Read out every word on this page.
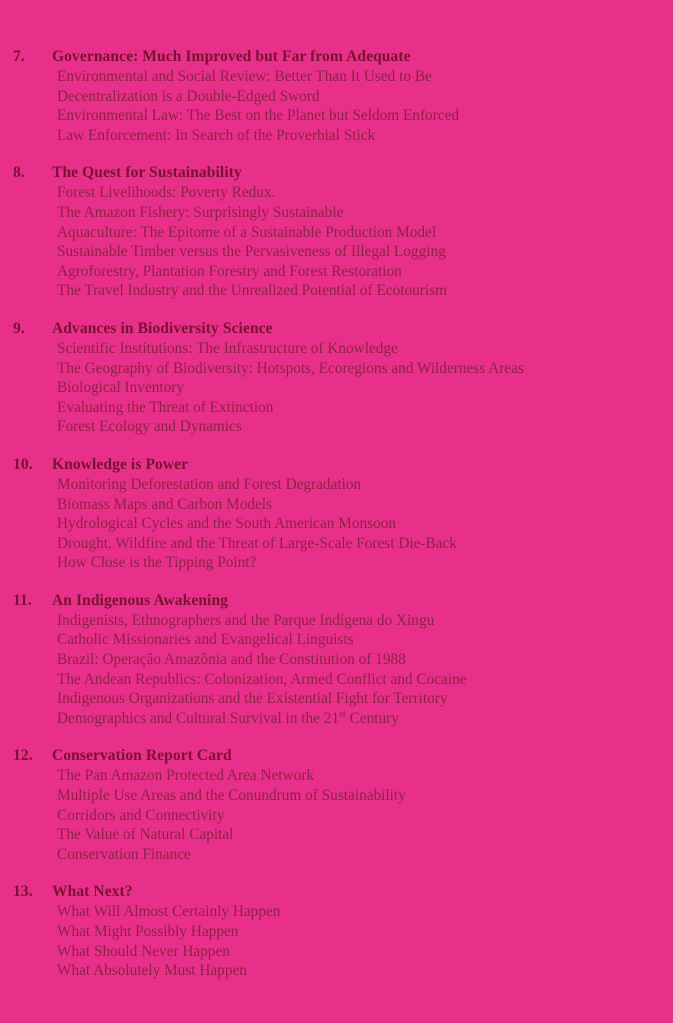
7.	Governance: Much Improved but Far from Adequate
Environmental and Social Review: Better Than It Used to Be
Decentralization is a Double-Edged Sword
Environmental Law: The Best on the Planet but Seldom Enforced
Law Enforcement: In Search of the Proverbial Stick
8.	The Quest for Sustainability
Forest Livelihoods: Poverty Redux.
The Amazon Fishery: Surprisingly Sustainable
Aquaculture: The Epitome of a Sustainable Production Model
Sustainable Timber versus the Pervasiveness of Illegal Logging
Agroforestry, Plantation Forestry and Forest Restoration
The Travel Industry and the Unrealized Potential of Ecotourism
9.	Advances in Biodiversity Science
Scientific Institutions: The Infrastructure of Knowledge
The Geography of Biodiversity: Hotspots, Ecoregions and Wilderness Areas
Biological Inventory
Evaluating the Threat of Extinction
Forest Ecology and Dynamics
10.	Knowledge is Power
Monitoring Deforestation and Forest Degradation
Biomass Maps and Carbon Models
Hydrological Cycles and the South American Monsoon
Drought, Wildfire and the Threat of Large-Scale Forest Die-Back
How Close is the Tipping Point?
11.	An Indigenous Awakening
Indigenists, Ethnographers and the Parque Indígena do Xingu
Catholic Missionaries and Evangelical Linguists
Brazil: Operação Amazônia and the Constitution of 1988
The Andean Republics: Colonization, Armed Conflict and Cocaine
Indigenous Organizations and the Existential Fight for Territory
Demographics and Cultural Survival in the 21st Century
12.	Conservation Report Card
The Pan Amazon Protected Area Network
Multiple Use Areas and the Conundrum of Sustainability
Corridors and Connectivity
The Value of Natural Capital
Conservation Finance
13.	What Next?
What Will Almost Certainly Happen
What Might Possibly Happen
What Should Never Happen
What Absolutely Must Happen
